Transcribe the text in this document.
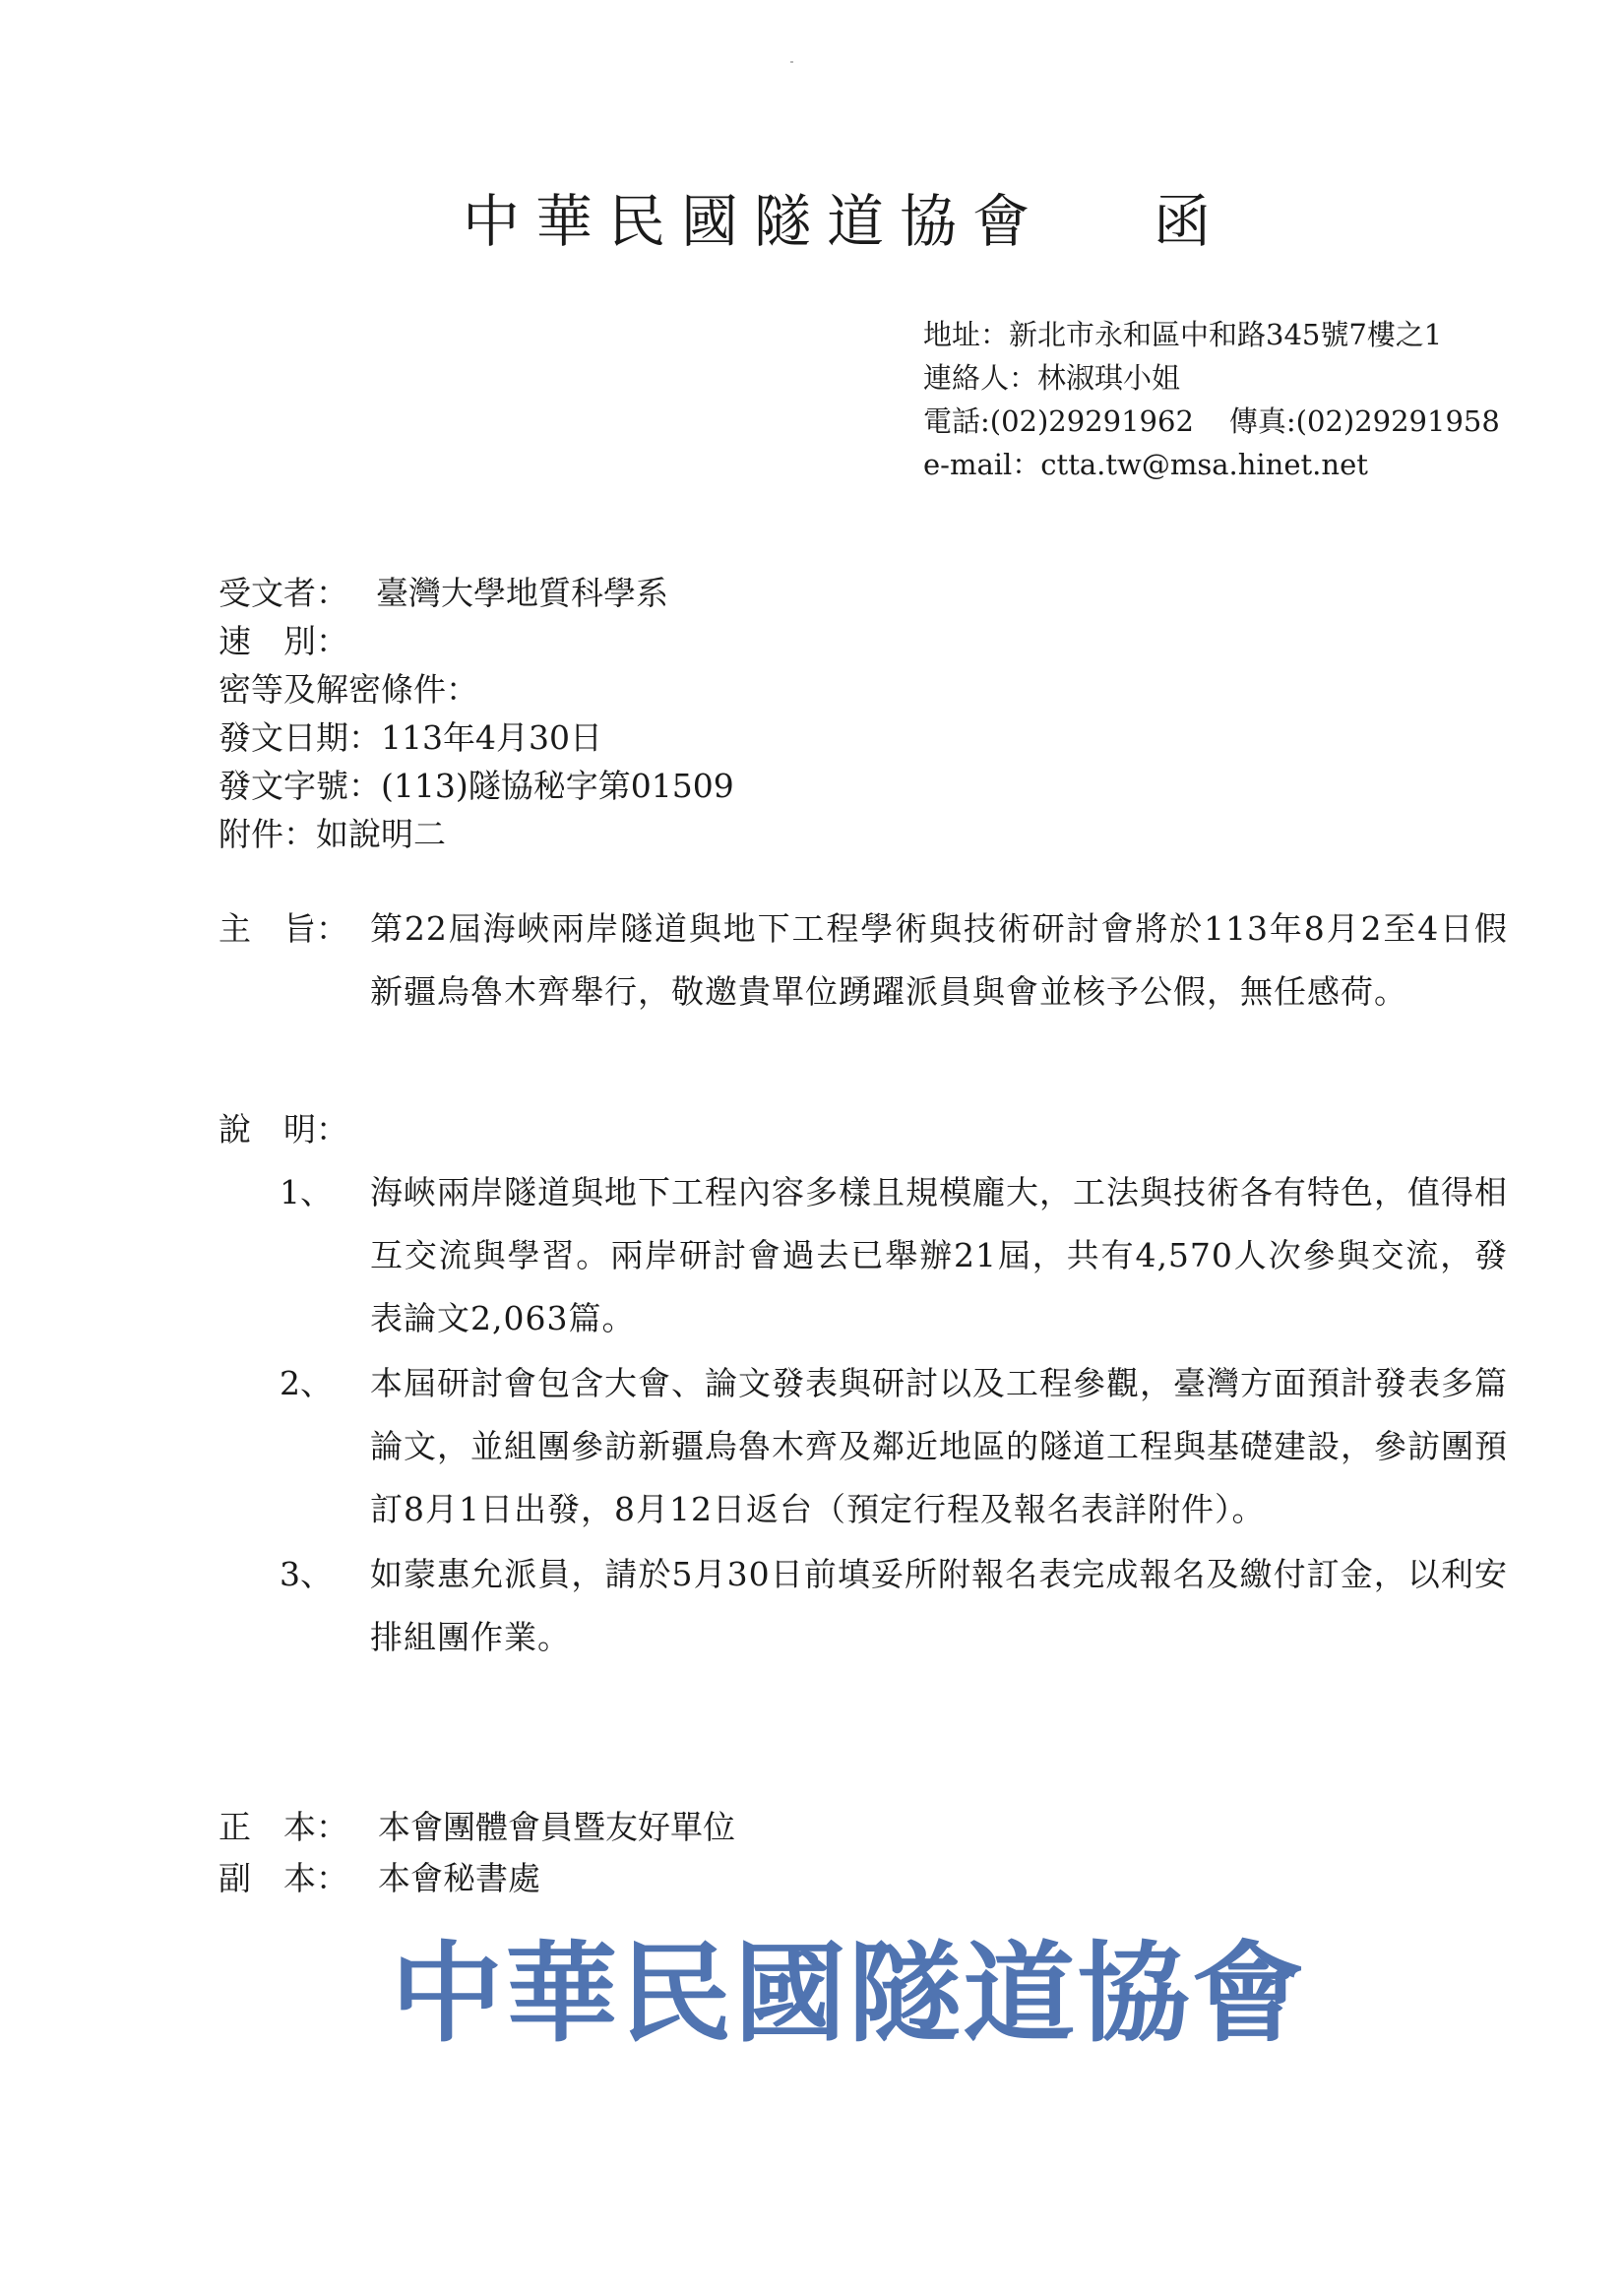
中華民國隧道協會 函
地址：新北市永和區中和路345號7樓之1
連絡人：林淑琪小姐
電話:(02)29291962 傳真:(02)29291958
e-mail：ctta.tw@msa.hinet.net
受文者： 臺灣大學地質科學系
速　別：
密等及解密條件：
發文日期：113年4月30日
發文字號：(113)隧協秘字第01509
附件：如說明二
主　旨： 第22屆海峽兩岸隧道與地下工程學術與技術研討會將於113年8月2至4日假新疆烏魯木齊舉行，敬邀貴單位踴躍派員與會並核予公假，無任感荷。
說　明：
1、 海峽兩岸隧道與地下工程內容多樣且規模龐大，工法與技術各有特色，值得相互交流與學習。兩岸研討會過去已舉辦21屆，共有4,570人次參與交流，發表論文2,063篇。
2、 本屆研討會包含大會、論文發表與研討以及工程參觀，臺灣方面預計發表多篇論文，並組團參訪新疆烏魯木齊及鄰近地區的隧道工程與基礎建設，參訪團預訂8月1日出發，8月12日返台（預定行程及報名表詳附件）。
3、 如蒙惠允派員，請於5月30日前填妥所附報名表完成報名及繳付訂金，以利安排組團作業。
正　本： 本會團體會員暨友好單位
副　本： 本會秘書處
中華民國隧道協會
